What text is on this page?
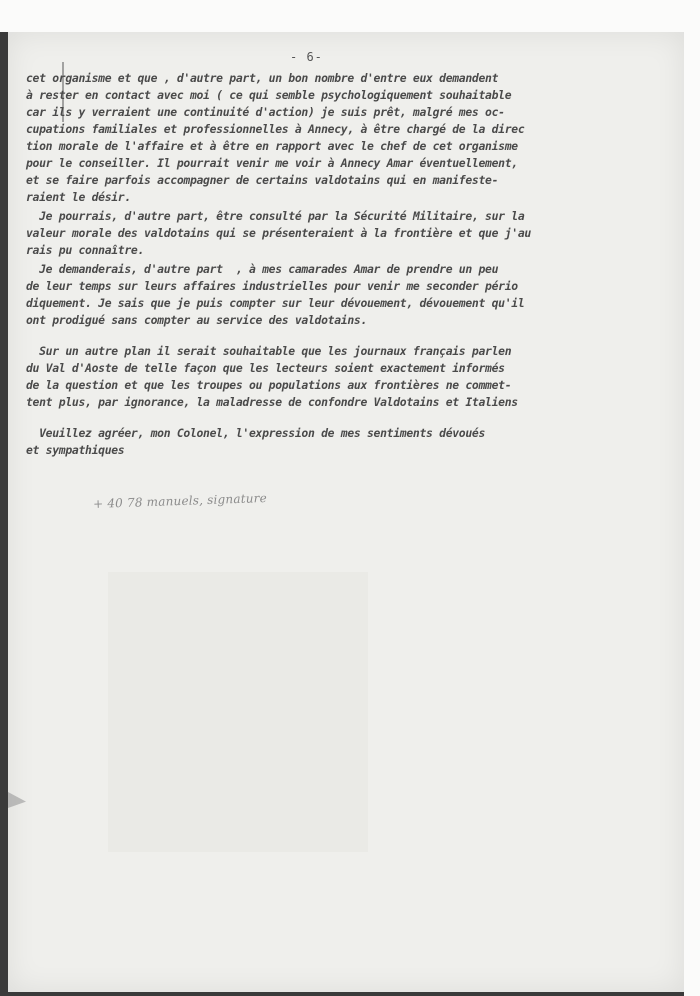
- 6-
cet organisme et que , d'autre part, un bon nombre d'entre eux demandent
à rester en contact avec moi ( ce qui semble psychologiquement souhaitable
car ils y verraient une continuité d'action) je suis prêt, malgré mes oc-
cupations familiales et professionnelles à Annecy, à être chargé de la direc
tion morale de l'affaire et à être en rapport avec le chef de cet organisme
pour le conseiller. Il pourrait venir me voir à Annecy Amar éventuellement,
et se faire parfois accompagner de certains valdotains qui en manifeste-
raient le désir.
Je pourrais, d'autre part, être consulté par la Sécurité Militaire, sur la
valeur morale des valdotains qui se présenteraient à la frontière et que j'au
rais pu connaître.
Je demanderais, d'autre part  , à mes camarades Amar de prendre un peu
de leur temps sur leurs affaires industrielles pour venir me seconder pério
diquement. Je sais que je puis compter sur leur dévouement, dévouement qu'il
ont prodigué sans compter au service des valdotains.
Sur un autre plan il serait souhaitable que les journaux français parlen
du Val d'Aoste de telle façon que les lecteurs soient exactement informés
de la question et que les troupes ou populations aux frontières ne commet-
tent plus, par ignorance, la maladresse de confondre Valdotains et Italiens
Veuillez agréer, mon Colonel, l'expression de mes sentiments dévoués
et sympathiques
+ 40 78 manuels, signature
